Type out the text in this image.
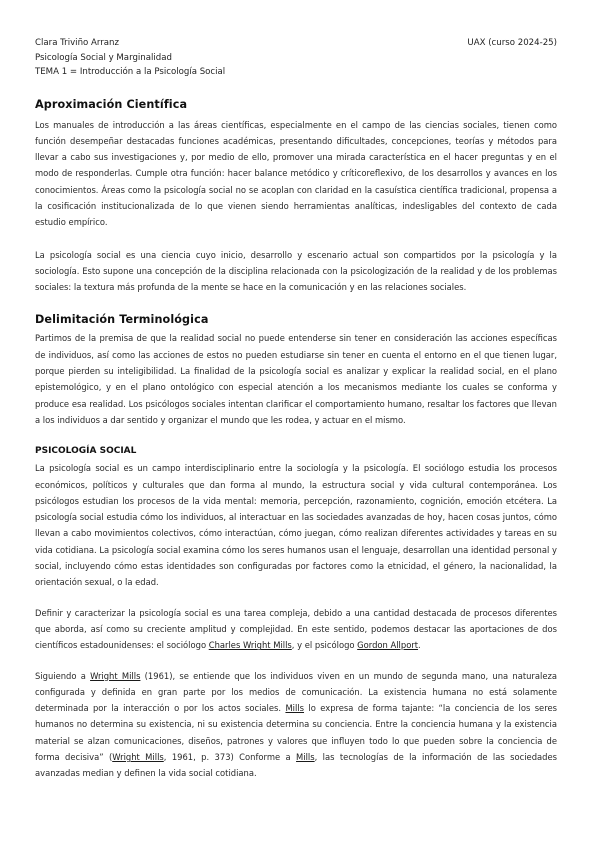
Clara Triviño Arranz	UAX (curso 2024-25)
Psicología Social y Marginalidad
TEMA 1 = Introducción a la Psicología Social
Aproximación Científica

Los manuales de introducción a las áreas científicas, especialmente en el campo de las ciencias sociales, tienen como función desempeñar destacadas funciones académicas, presentando dificultades, concepciones, teorías y métodos para llevar a cabo sus investigaciones y, por medio de ello, promover una mirada característica en el hacer preguntas y en el modo de responderlas. Cumple otra función: hacer balance metódico y críticoreflexivo, de los desarrollos y avances en los conocimientos. Áreas como la psicología social no se acoplan con claridad en la casuística científica tradicional, propensa a la cosificación institucionalizada de lo que vienen siendo herramientas analíticas, indesligables del contexto de cada estudio empírico.

La psicología social es una ciencia cuyo inicio, desarrollo y escenario actual son compartidos por la psicología y la sociología. Esto supone una concepción de la disciplina relacionada con la psicologización de la realidad y de los problemas sociales: la textura más profunda de la mente se hace en la comunicación y en las relaciones sociales.

Delimitación Terminológica

Partimos de la premisa de que la realidad social no puede entenderse sin tener en consideración las acciones específicas de individuos, así como las acciones de estos no pueden estudiarse sin tener en cuenta el entorno en el que tienen lugar, porque pierden su inteligibilidad. La finalidad de la psicología social es analizar y explicar la realidad social, en el plano epistemológico, y en el plano ontológico con especial atención a los mecanismos mediante los cuales se conforma y produce esa realidad. Los psicólogos sociales intentan clarificar el comportamiento humano, resaltar los factores que llevan a los individuos a dar sentido y organizar el mundo que les rodea, y actuar en el mismo.

PSICOLOGÍA SOCIAL

La psicología social es un campo interdisciplinario entre la sociología y la psicología. El sociólogo estudia los procesos económicos, políticos y culturales que dan forma al mundo, la estructura social y vida cultural contemporánea. Los psicólogos estudian los procesos de la vida mental: memoria, percepción, razonamiento, cognición, emoción etcétera. La psicología social estudia cómo los individuos, al interactuar en las sociedades avanzadas de hoy, hacen cosas juntos, cómo llevan a cabo movimientos colectivos, cómo interactúan, cómo juegan, cómo realizan diferentes actividades y tareas en su vida cotidiana. La psicología social examina cómo los seres humanos usan el lenguaje, desarrollan una identidad personal y social, incluyendo cómo estas identidades son configuradas por factores como la etnicidad, el género, la nacionalidad, la orientación sexual, o la edad.

Definir y caracterizar la psicología social es una tarea compleja, debido a una cantidad destacada de procesos diferentes que aborda, así como su creciente amplitud y complejidad. En este sentido, podemos destacar las aportaciones de dos científicos estadounidenses: el sociólogo Charles Wright Mills, y el psicólogo Gordon Allport.

Siguiendo a Wright Mills (1961), se entiende que los individuos viven en un mundo de segunda mano, una naturaleza configurada y definida en gran parte por los medios de comunicación. La existencia humana no está solamente determinada por la interacción o por los actos sociales. Mills lo expresa de forma tajante: “la conciencia de los seres humanos no determina su existencia, ni su existencia determina su conciencia. Entre la conciencia humana y la existencia material se alzan comunicaciones, diseños, patrones y valores que influyen todo lo que pueden sobre la conciencia de forma decisiva” (Wright Mills, 1961, p. 373) Conforme a Mills, las tecnologías de la información de las sociedades avanzadas median y definen la vida social cotidiana.
